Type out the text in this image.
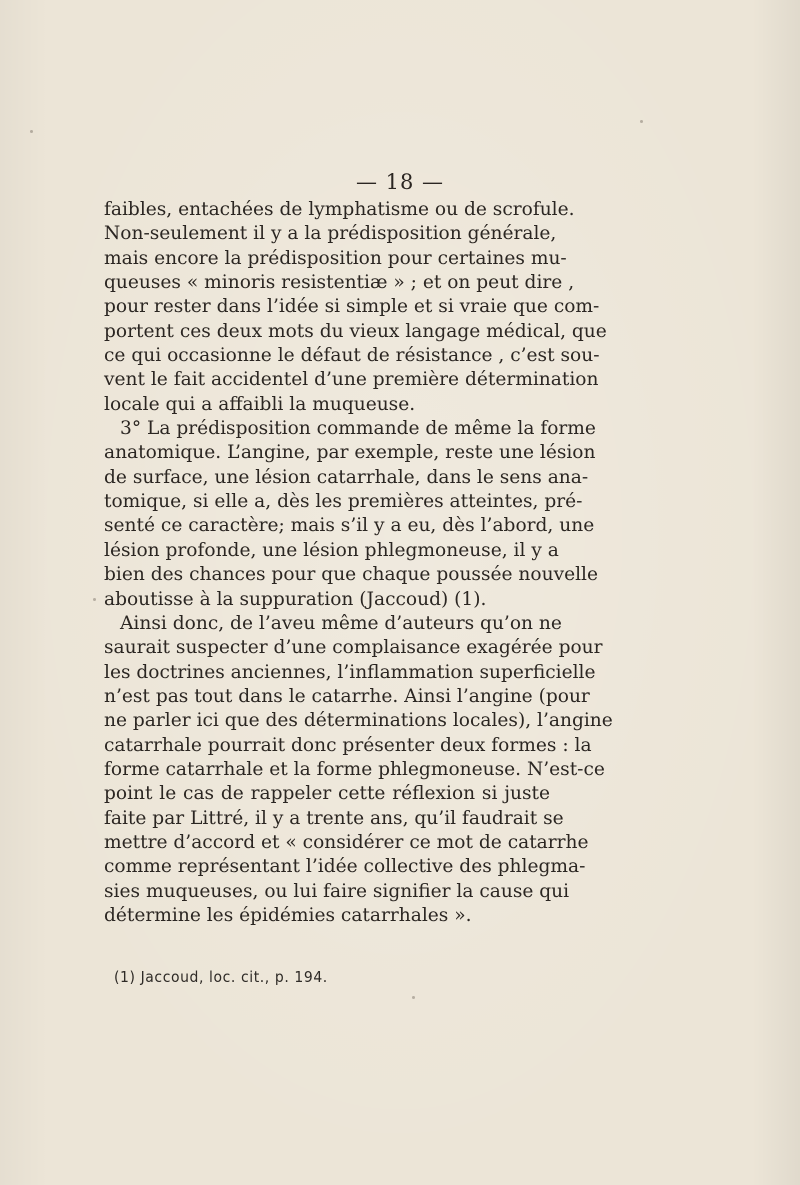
— 18 —
faibles, entachées de lymphatisme ou de scrofule.
Non-seulement il y a la prédisposition générale,
mais encore la prédisposition pour certaines mu-
queuses « minoris resistentiæ » ; et on peut dire ,
pour rester dans l’idée si simple et si vraie que com-
portent ces deux mots du vieux langage médical, que
ce qui occasionne le défaut de résistance , c’est sou-
vent le fait accidentel d’une première détermination
locale qui a affaibli la muqueuse.
3° La prédisposition commande de même la forme
anatomique. L’angine, par exemple, reste une lésion
de surface, une lésion catarrhale, dans le sens ana-
tomique, si elle a, dès les premières atteintes, pré-
senté ce caractère; mais s’il y a eu, dès l’abord, une
lésion profonde, une lésion phlegmoneuse, il y a
bien des chances pour que chaque poussée nouvelle
aboutisse à la suppuration (Jaccoud) (1).
Ainsi donc, de l’aveu même d’auteurs qu’on ne
saurait suspecter d’une complaisance exagérée pour
les doctrines anciennes, l’inflammation superficielle
n’est pas tout dans le catarrhe. Ainsi l’angine (pour
ne parler ici que des déterminations locales), l’angine
catarrhale pourrait donc présenter deux formes : la
forme catarrhale et la forme phlegmoneuse. N’est-ce
point le cas de rappeler cette réflexion si juste
faite par Littré, il y a trente ans, qu’il faudrait se
mettre d’accord et « considérer ce mot de catarrhe
comme représentant l’idée collective des phlegma-
sies muqueuses, ou lui faire signifier la cause qui
détermine les épidémies catarrhales ».
(1) Jaccoud, loc. cit., p. 194.
